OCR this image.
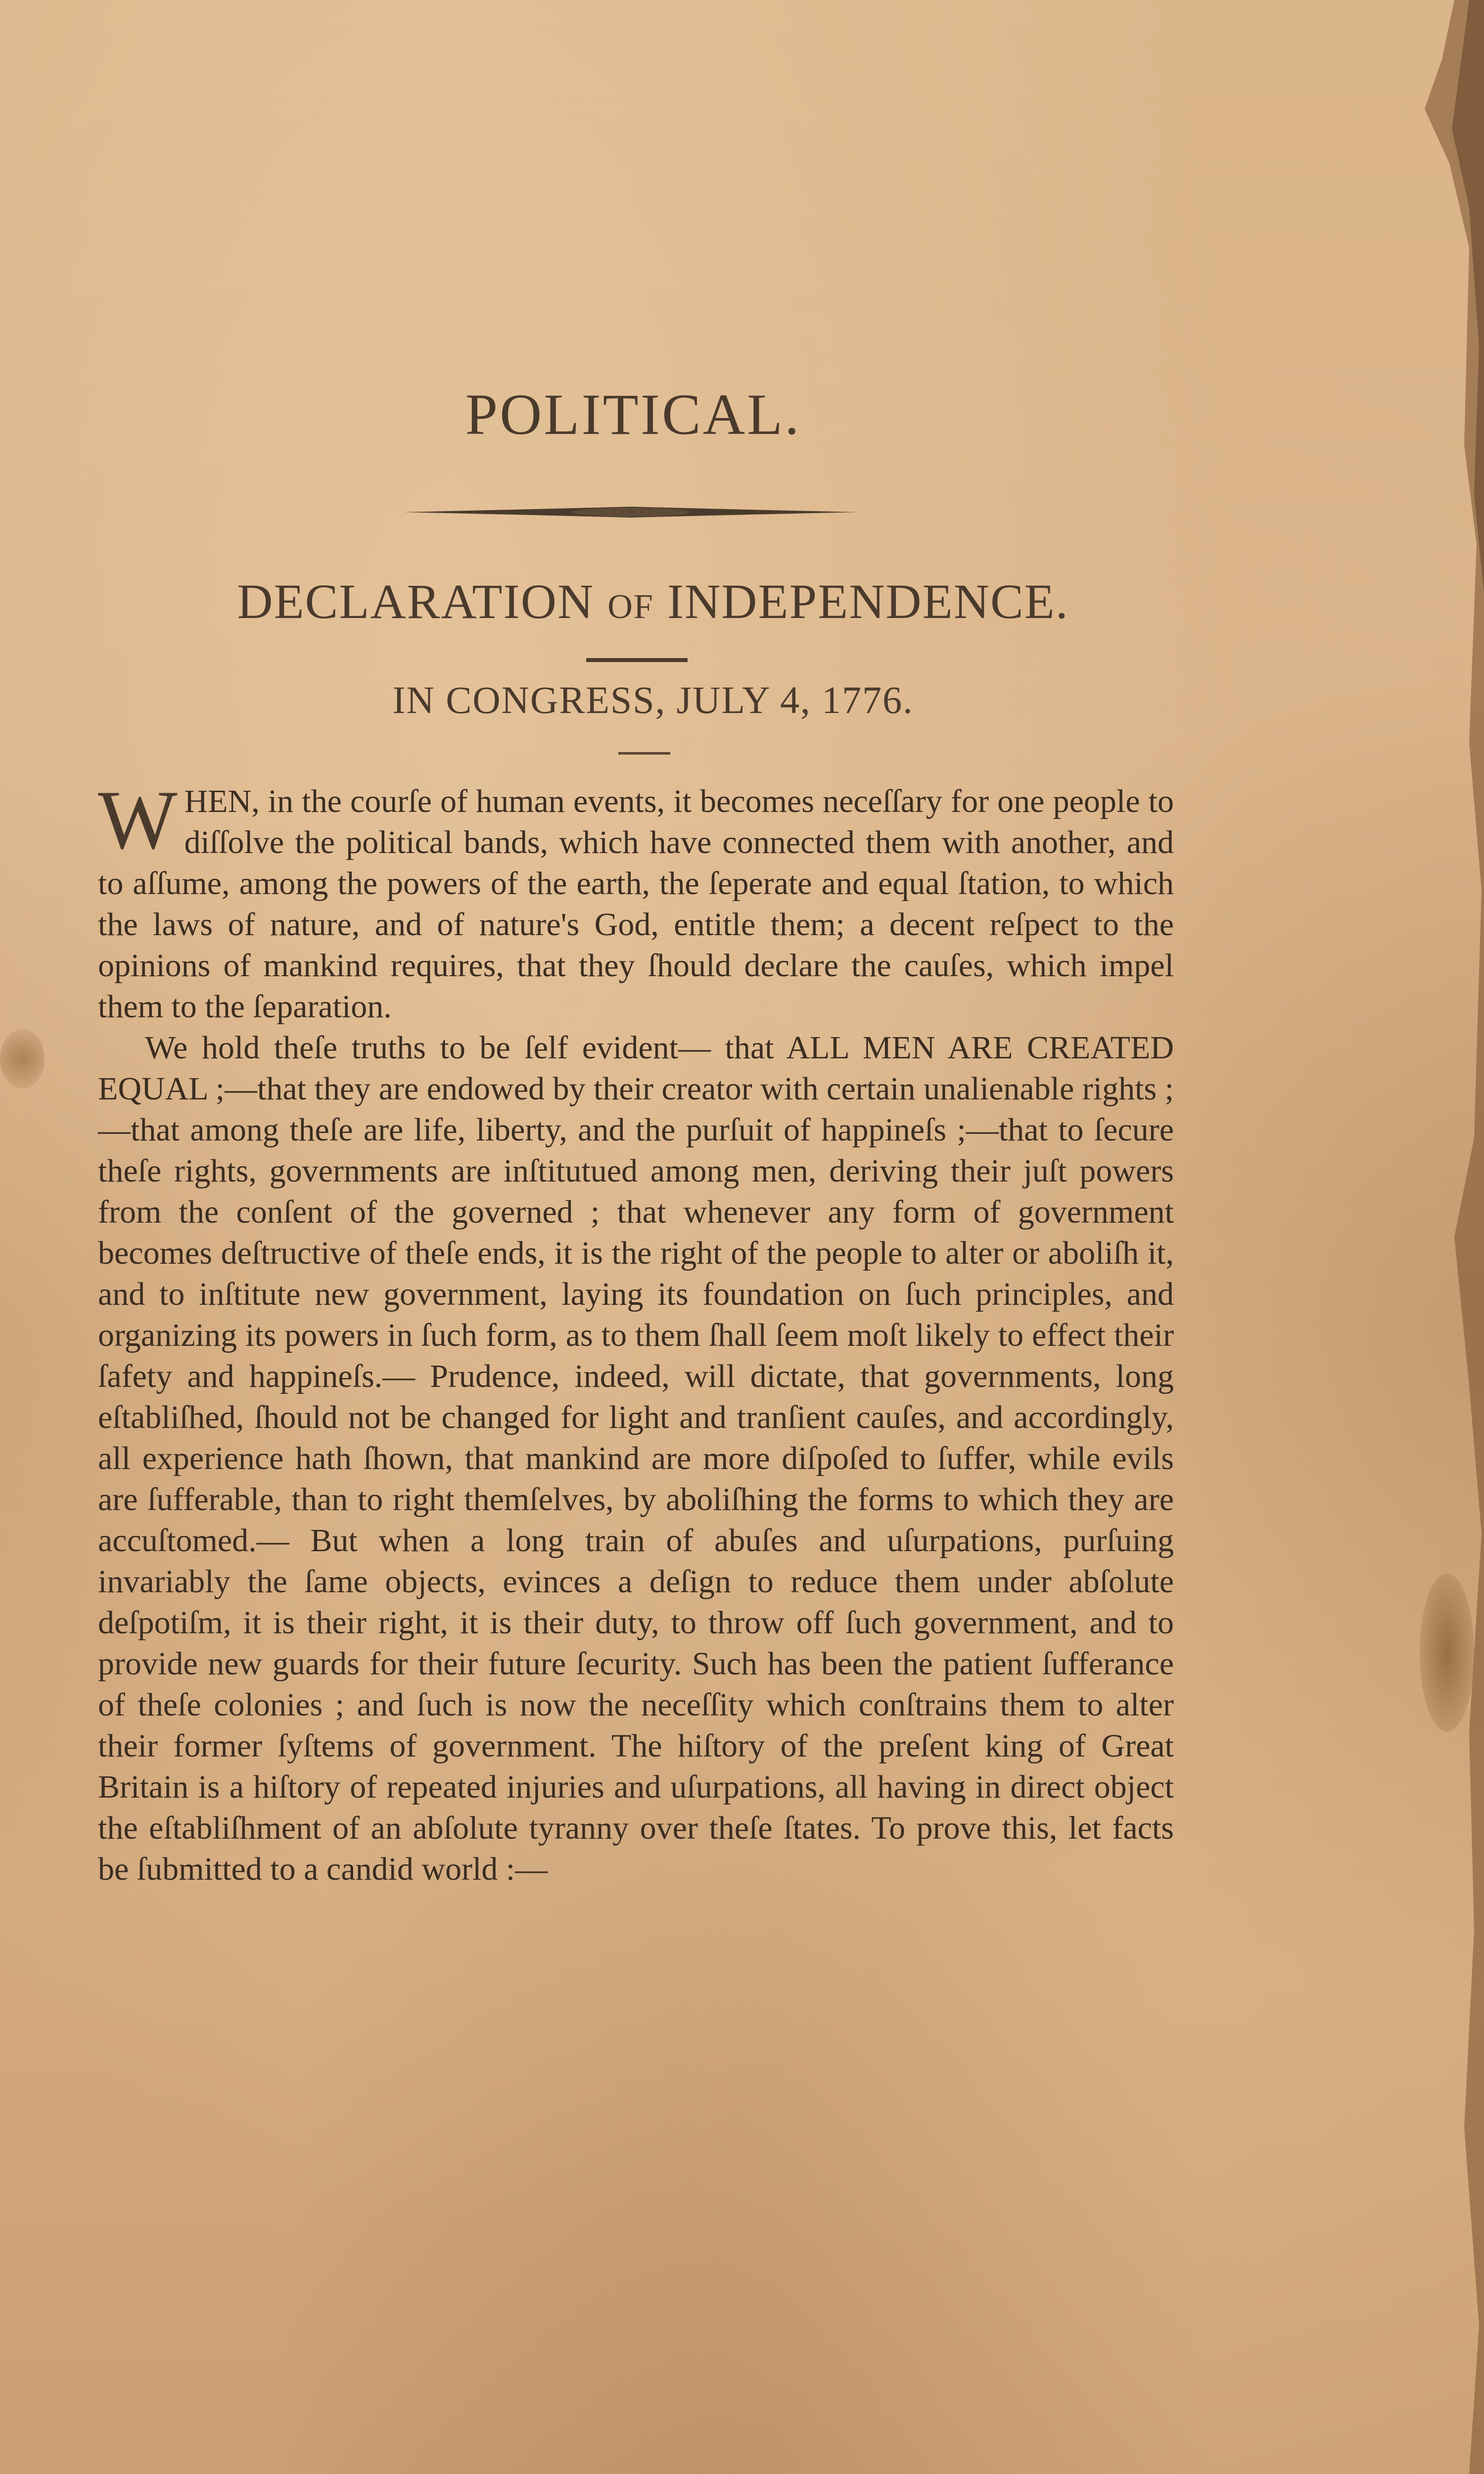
POLITICAL.
DECLARATION OF INDEPENDENCE.
IN CONGRESS, JULY 4, 1776.

WHEN, in the courſe of human events, it becomes neceſſary for one people to diſſolve the political bands, which have connected them with another, and to aſſume, among the powers of the earth, the ſeperate and equal ſtation, to which the laws of nature, and of nature's God, entitle them; a decent reſpect to the opinions of mankind requires, that they ſhould declare the cauſes, which impel them to the ſeparation.

We hold theſe truths to be ſelf evident— that ALL MEN ARE CREATED EQUAL ;—that they are endowed by their creator with certain unalienable rights ;—that among theſe are life, liberty, and the purſuit of happineſs ;—that to ſecure theſe rights, governments are inſtitutued among men, deriving their juſt powers from the conſent of the governed ; that whenever any form of government becomes deſtructive of theſe ends, it is the right of the people to alter or aboliſh it, and to inſtitute new government, laying its foundation on ſuch principles, and organizing its powers in ſuch form, as to them ſhall ſeem moſt likely to effect their ſafety and happineſs.— Prudence, indeed, will dictate, that governments, long eſtabliſhed, ſhould not be changed for light and tranſient cauſes, and accordingly, all experience hath ſhown, that mankind are more diſpoſed to ſuffer, while evils are ſufferable, than to right themſelves, by aboliſhing the forms to which they are accuſtomed.— But when a long train of abuſes and uſurpations, purſuing invariably the ſame objects, evinces a deſign to reduce them under abſolute deſpotiſm, it is their right, it is their duty, to throw off ſuch government, and to provide new guards for their future ſecurity. Such has been the patient ſufferance of theſe colonies ; and ſuch is now the neceſſity which conſtrains them to alter their former ſyſtems of government. The hiſtory of the preſent king of Great Britain is a hiſtory of repeated injuries and uſurpations, all having in direct object the eſtabliſhment of an abſolute tyranny over theſe ſtates. To prove this, let facts be ſubmitted to a candid world :—
